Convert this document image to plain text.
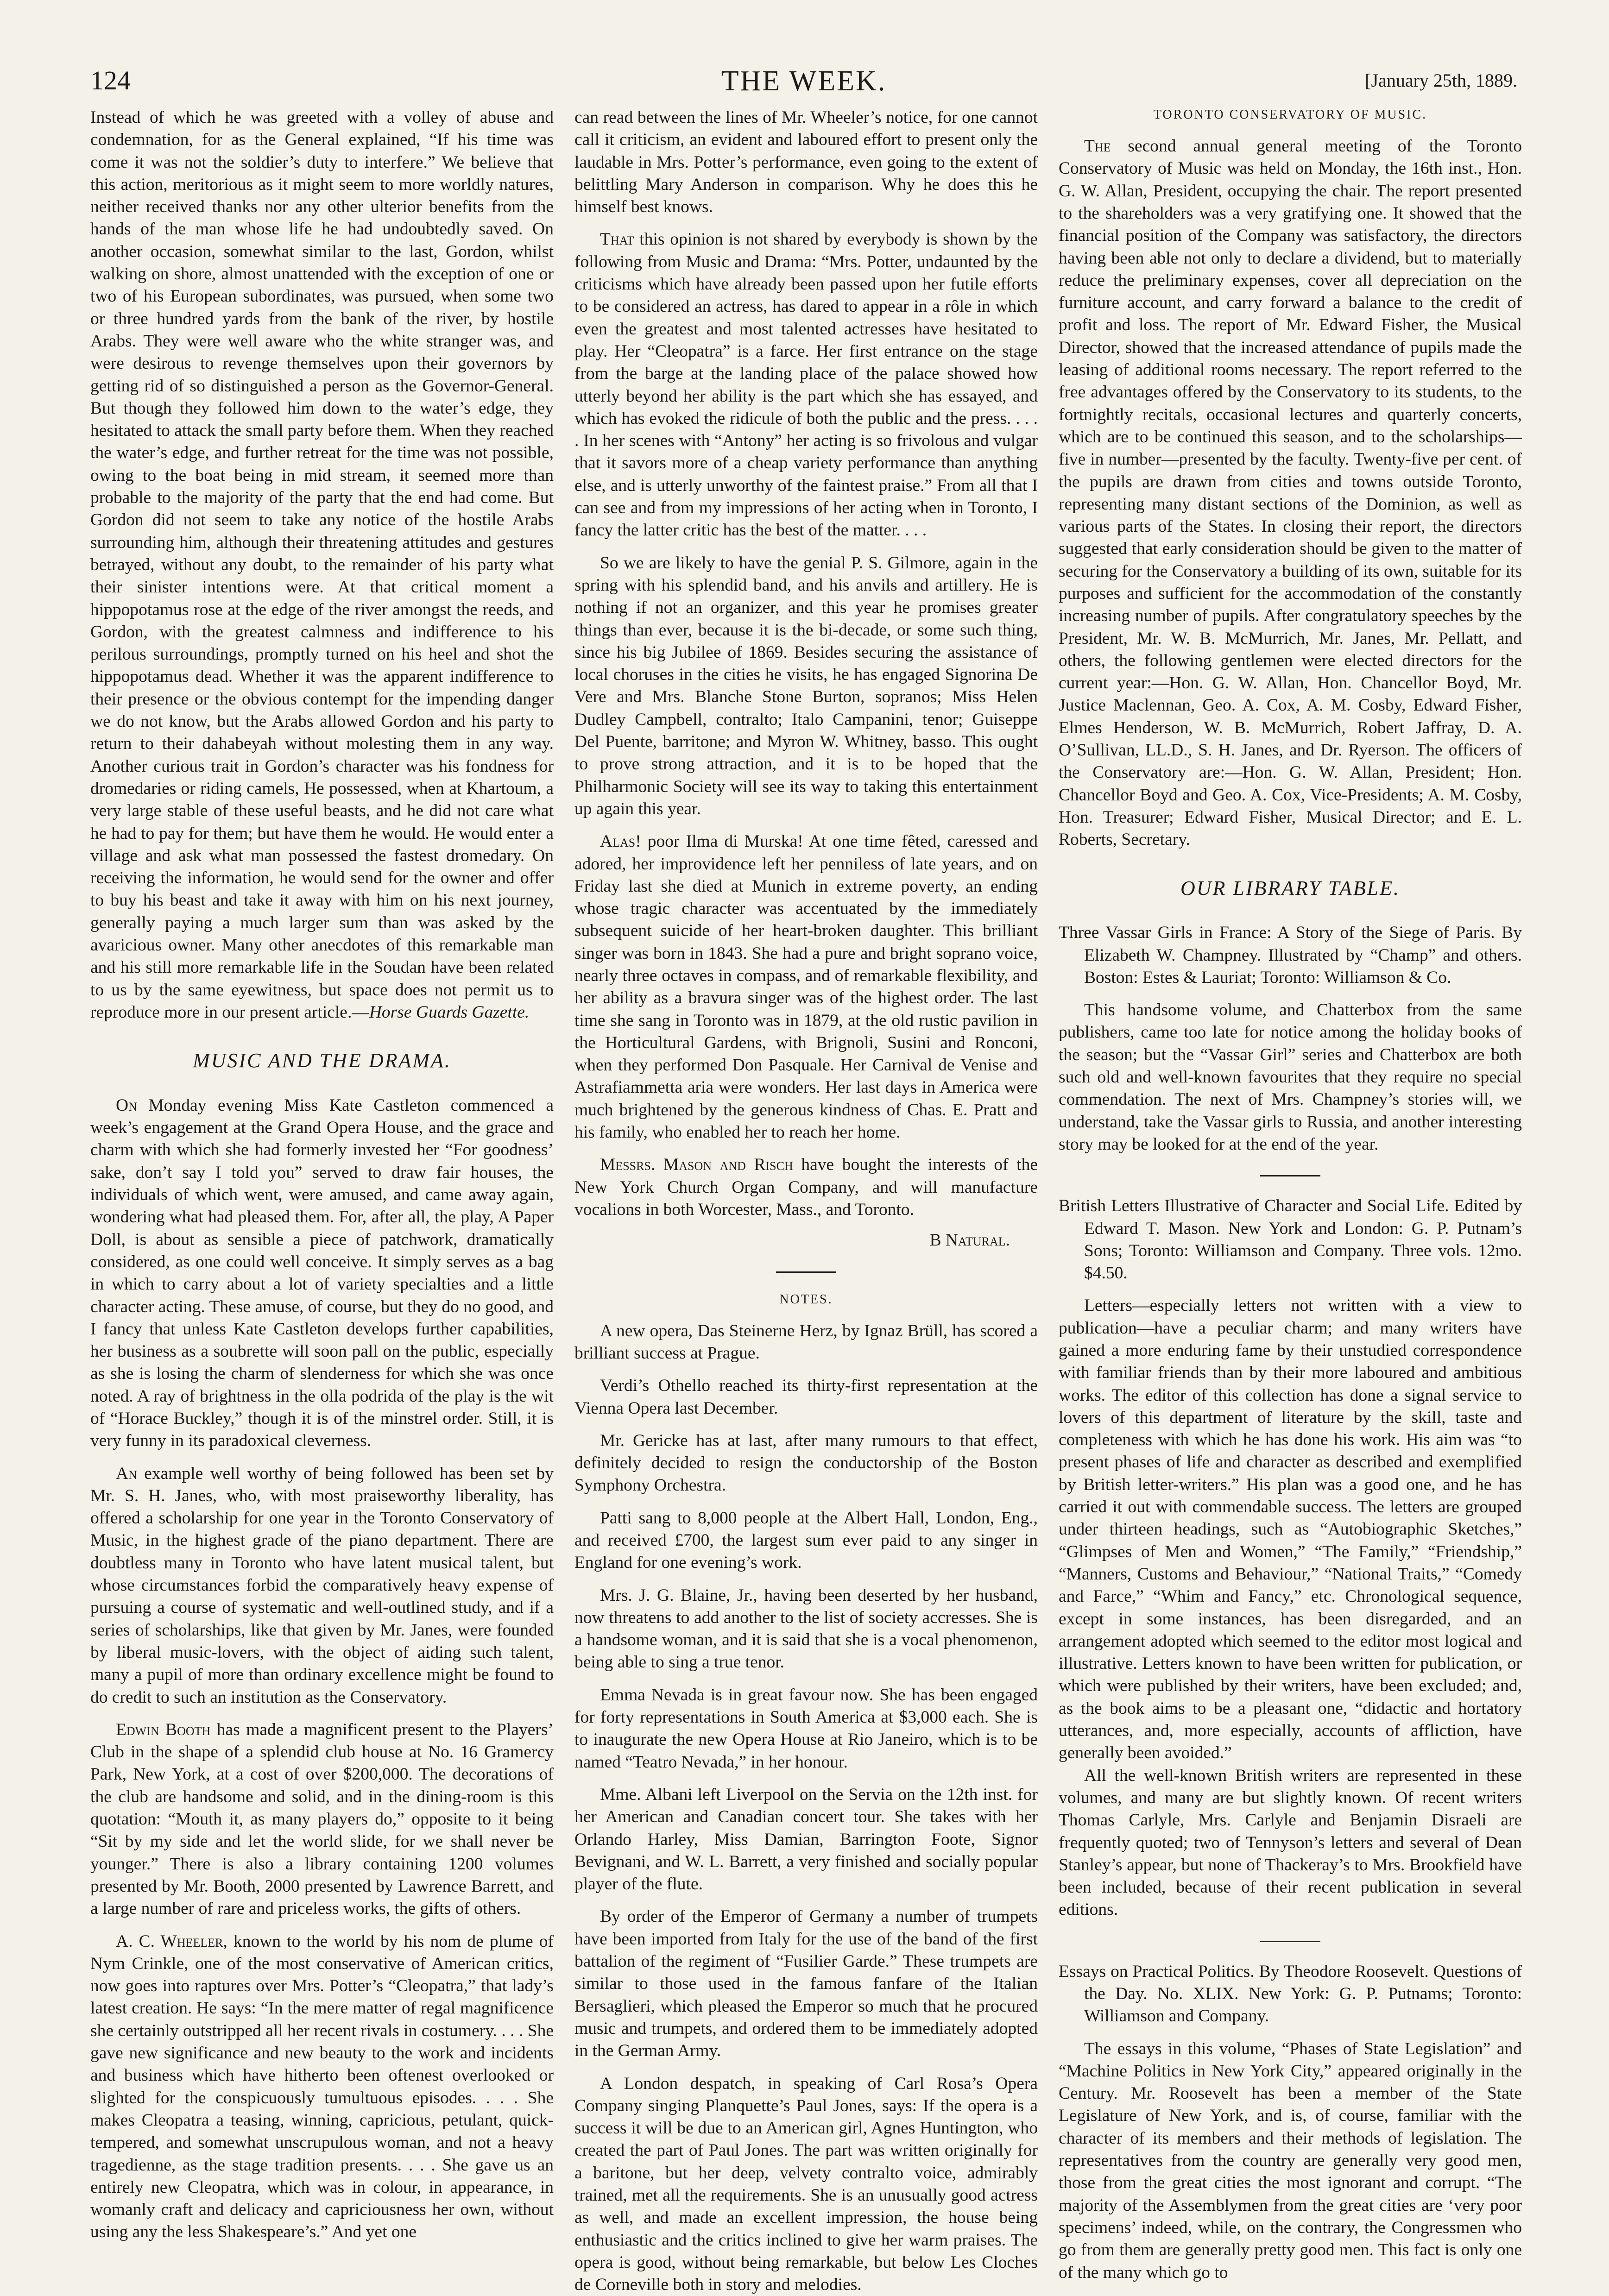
124	THE WEEK.	[January 25th, 1889.

Instead of which he was greeted with a volley of abuse and condemnation, for as the General explained, “If his time was come it was not the soldier’s duty to interfere.” We believe that this action, meritorious as it might seem to more worldly natures, neither received thanks nor any other ulterior benefits from the hands of the man whose life he had undoubtedly saved. On another occasion, somewhat similar to the last, Gordon, whilst walking on shore, almost unattended with the exception of one or two of his European subordinates, was pursued, when some two or three hundred yards from the bank of the river, by hostile Arabs. They were well aware who the white stranger was, and were desirous to revenge themselves upon their governors by getting rid of so distinguished a person as the Governor-General. But though they followed him down to the water’s edge, they hesitated to attack the small party before them. When they reached the water’s edge, and further retreat for the time was not possible, owing to the boat being in mid stream, it seemed more than probable to the majority of the party that the end had come. But Gordon did not seem to take any notice of the hostile Arabs surrounding him, although their threatening attitudes and gestures betrayed, without any doubt, to the remainder of his party what their sinister intentions were. At that critical moment a hippopotamus rose at the edge of the river amongst the reeds, and Gordon, with the greatest calmness and indifference to his perilous surroundings, promptly turned on his heel and shot the hippopotamus dead. Whether it was the apparent indifference to their presence or the obvious contempt for the impending danger we do not know, but the Arabs allowed Gordon and his party to return to their dahabeyah without molesting them in any way. Another curious trait in Gordon’s character was his fondness for dromedaries or riding camels, He possessed, when at Khartoum, a very large stable of these useful beasts, and he did not care what he had to pay for them; but have them he would. He would enter a village and ask what man possessed the fastest dromedary. On receiving the information, he would send for the owner and offer to buy his beast and take it away with him on his next journey, generally paying a much larger sum than was asked by the avaricious owner. Many other anecdotes of this remarkable man and his still more remarkable life in the Soudan have been related to us by the same eyewitness, but space does not permit us to reproduce more in our present article.—Horse Guards Gazette.

MUSIC AND THE DRAMA.

On Monday evening Miss Kate Castleton commenced a week’s engagement at the Grand Opera House, and the grace and charm with which she had formerly invested her “For goodness’ sake, don’t say I told you” served to draw fair houses, the individuals of which went, were amused, and came away again, wondering what had pleased them. For, after all, the play, A Paper Doll, is about as sensible a piece of patchwork, dramatically considered, as one could well conceive. It simply serves as a bag in which to carry about a lot of variety specialties and a little character acting. These amuse, of course, but they do no good, and I fancy that unless Kate Castleton develops further capabilities, her business as a soubrette will soon pall on the public, especially as she is losing the charm of slenderness for which she was once noted. A ray of brightness in the olla podrida of the play is the wit of “Horace Buckley,” though it is of the minstrel order. Still, it is very funny in its paradoxical cleverness.

An example well worthy of being followed has been set by Mr. S. H. Janes, who, with most praiseworthy liberality, has offered a scholarship for one year in the Toronto Conservatory of Music, in the highest grade of the piano department. There are doubtless many in Toronto who have latent musical talent, but whose circumstances forbid the comparatively heavy expense of pursuing a course of systematic and well-outlined study, and if a series of scholarships, like that given by Mr. Janes, were founded by liberal music-lovers, with the object of aiding such talent, many a pupil of more than ordinary excellence might be found to do credit to such an institution as the Conservatory.

Edwin Booth has made a magnificent present to the Players’ Club in the shape of a splendid club house at No. 16 Gramercy Park, New York, at a cost of over $200,000. The decorations of the club are handsome and solid, and in the dining-room is this quotation: “Mouth it, as many players do,” opposite to it being “Sit by my side and let the world slide, for we shall never be younger.” There is also a library containing 1200 volumes presented by Mr. Booth, 2000 presented by Lawrence Barrett, and a large number of rare and priceless works, the gifts of others.

A. C. Wheeler, known to the world by his nom de plume of Nym Crinkle, one of the most conservative of American critics, now goes into raptures over Mrs. Potter’s “Cleopatra,” that lady’s latest creation. He says: “In the mere matter of regal magnificence she certainly outstripped all her recent rivals in costumery. . . . She gave new significance and new beauty to the work and incidents and business which have hitherto been oftenest overlooked or slighted for the conspicuously tumultuous episodes. . . . She makes Cleopatra a teasing, winning, capricious, petulant, quick-tempered, and somewhat unscrupulous woman, and not a heavy tragedienne, as the stage tradition presents. . . . She gave us an entirely new Cleopatra, which was in colour, in appearance, in womanly craft and delicacy and capriciousness her own, without using any the less Shakespeare’s.” And yet one

can read between the lines of Mr. Wheeler’s notice, for one cannot call it criticism, an evident and laboured effort to present only the laudable in Mrs. Potter’s performance, even going to the extent of belittling Mary Anderson in comparison. Why he does this he himself best knows.

That this opinion is not shared by everybody is shown by the following from Music and Drama: “Mrs. Potter, undaunted by the criticisms which have already been passed upon her futile efforts to be considered an actress, has dared to appear in a rôle in which even the greatest and most talented actresses have hesitated to play. Her “Cleopatra” is a farce. Her first entrance on the stage from the barge at the landing place of the palace showed how utterly beyond her ability is the part which she has essayed, and which has evoked the ridicule of both the public and the press. . . . . In her scenes with “Antony” her acting is so frivolous and vulgar that it savors more of a cheap variety performance than anything else, and is utterly unworthy of the faintest praise.” From all that I can see and from my impressions of her acting when in Toronto, I fancy the latter critic has the best of the matter. . . .

So we are likely to have the genial P. S. Gilmore, again in the spring with his splendid band, and his anvils and artillery. He is nothing if not an organizer, and this year he promises greater things than ever, because it is the bi-decade, or some such thing, since his big Jubilee of 1869. Besides securing the assistance of local choruses in the cities he visits, he has engaged Signorina De Vere and Mrs. Blanche Stone Burton, sopranos; Miss Helen Dudley Campbell, contralto; Italo Campanini, tenor; Guiseppe Del Puente, barritone; and Myron W. Whitney, basso. This ought to prove strong attraction, and it is to be hoped that the Philharmonic Society will see its way to taking this entertainment up again this year.

Alas! poor Ilma di Murska! At one time fêted, caressed and adored, her improvidence left her penniless of late years, and on Friday last she died at Munich in extreme poverty, an ending whose tragic character was accentuated by the immediately subsequent suicide of her heart-broken daughter. This brilliant singer was born in 1843. She had a pure and bright soprano voice, nearly three octaves in compass, and of remarkable flexibility, and her ability as a bravura singer was of the highest order. The last time she sang in Toronto was in 1879, at the old rustic pavilion in the Horticultural Gardens, with Brignoli, Susini and Ronconi, when they performed Don Pasquale. Her Carnival de Venise and Astrafiammetta aria were wonders. Her last days in America were much brightened by the generous kindness of Chas. E. Pratt and his family, who enabled her to reach her home.

Messrs. Mason and Risch have bought the interests of the New York Church Organ Company, and will manufacture vocalions in both Worcester, Mass., and Toronto.

B Natural.

NOTES.

A new opera, Das Steinerne Herz, by Ignaz Brüll, has scored a brilliant success at Prague.

Verdi’s Othello reached its thirty-first representation at the Vienna Opera last December.

Mr. Gericke has at last, after many rumours to that effect, definitely decided to resign the conductorship of the Boston Symphony Orchestra.

Patti sang to 8,000 people at the Albert Hall, London, Eng., and received £700, the largest sum ever paid to any singer in England for one evening’s work.

Mrs. J. G. Blaine, Jr., having been deserted by her husband, now threatens to add another to the list of society accresses. She is a handsome woman, and it is said that she is a vocal phenomenon, being able to sing a true tenor.

Emma Nevada is in great favour now. She has been engaged for forty representations in South America at $3,000 each. She is to inaugurate the new Opera House at Rio Janeiro, which is to be named “Teatro Nevada,” in her honour.

Mme. Albani left Liverpool on the Servia on the 12th inst. for her American and Canadian concert tour. She takes with her Orlando Harley, Miss Damian, Barrington Foote, Signor Bevignani, and W. L. Barrett, a very finished and socially popular player of the flute.

By order of the Emperor of Germany a number of trumpets have been imported from Italy for the use of the band of the first battalion of the regiment of “Fusilier Garde.” These trumpets are similar to those used in the famous fanfare of the Italian Bersaglieri, which pleased the Emperor so much that he procured music and trumpets, and ordered them to be immediately adopted in the German Army.

A London despatch, in speaking of Carl Rosa’s Opera Company singing Planquette’s Paul Jones, says: If the opera is a success it will be due to an American girl, Agnes Huntington, who created the part of Paul Jones. The part was written originally for a baritone, but her deep, velvety contralto voice, admirably trained, met all the requirements. She is an unusually good actress as well, and made an excellent impression, the house being enthusiastic and the critics inclined to give her warm praises. The opera is good, without being remarkable, but below Les Cloches de Corneville both in story and melodies.

TORONTO CONSERVATORY OF MUSIC.

The second annual general meeting of the Toronto Conservatory of Music was held on Monday, the 16th inst., Hon. G. W. Allan, President, occupying the chair. The report presented to the shareholders was a very gratifying one. It showed that the financial position of the Company was satisfactory, the directors having been able not only to declare a dividend, but to materially reduce the preliminary expenses, cover all depreciation on the furniture account, and carry forward a balance to the credit of profit and loss. The report of Mr. Edward Fisher, the Musical Director, showed that the increased attendance of pupils made the leasing of additional rooms necessary. The report referred to the free advantages offered by the Conservatory to its students, to the fortnightly recitals, occasional lectures and quarterly concerts, which are to be continued this season, and to the scholarships—five in number—presented by the faculty. Twenty-five per cent. of the pupils are drawn from cities and towns outside Toronto, representing many distant sections of the Dominion, as well as various parts of the States. In closing their report, the directors suggested that early consideration should be given to the matter of securing for the Conservatory a building of its own, suitable for its purposes and sufficient for the accommodation of the constantly increasing number of pupils. After congratulatory speeches by the President, Mr. W. B. McMurrich, Mr. Janes, Mr. Pellatt, and others, the following gentlemen were elected directors for the current year:—Hon. G. W. Allan, Hon. Chancellor Boyd, Mr. Justice Maclennan, Geo. A. Cox, A. M. Cosby, Edward Fisher, Elmes Henderson, W. B. McMurrich, Robert Jaffray, D. A. O’Sullivan, LL.D., S. H. Janes, and Dr. Ryerson. The officers of the Conservatory are:—Hon. G. W. Allan, President; Hon. Chancellor Boyd and Geo. A. Cox, Vice-Presidents; A. M. Cosby, Hon. Treasurer; Edward Fisher, Musical Director; and E. L. Roberts, Secretary.

OUR LIBRARY TABLE.

Three Vassar Girls in France: A Story of the Siege of Paris. By Elizabeth W. Champney. Illustrated by “Champ” and others. Boston: Estes & Lauriat; Toronto: Williamson & Co.

This handsome volume, and Chatterbox from the same publishers, came too late for notice among the holiday books of the season; but the “Vassar Girl” series and Chatterbox are both such old and well-known favourites that they require no special commendation. The next of Mrs. Champney’s stories will, we understand, take the Vassar girls to Russia, and another interesting story may be looked for at the end of the year.

British Letters Illustrative of Character and Social Life. Edited by Edward T. Mason. New York and London: G. P. Putnam’s Sons; Toronto: Williamson and Company. Three vols. 12mo. $4.50.

Letters—especially letters not written with a view to publication—have a peculiar charm; and many writers have gained a more enduring fame by their unstudied correspondence with familiar friends than by their more laboured and ambitious works. The editor of this collection has done a signal service to lovers of this department of literature by the skill, taste and completeness with which he has done his work. His aim was “to present phases of life and character as described and exemplified by British letter-writers.” His plan was a good one, and he has carried it out with commendable success. The letters are grouped under thirteen headings, such as “Autobiographic Sketches,” “Glimpses of Men and Women,” “The Family,” “Friendship,” “Manners, Customs and Behaviour,” “National Traits,” “Comedy and Farce,” “Whim and Fancy,” etc. Chronological sequence, except in some instances, has been disregarded, and an arrangement adopted which seemed to the editor most logical and illustrative. Letters known to have been written for publication, or which were published by their writers, have been excluded; and, as the book aims to be a pleasant one, “didactic and hortatory utterances, and, more especially, accounts of affliction, have generally been avoided.”

All the well-known British writers are represented in these volumes, and many are but slightly known. Of recent writers Thomas Carlyle, Mrs. Carlyle and Benjamin Disraeli are frequently quoted; two of Tennyson’s letters and several of Dean Stanley’s appear, but none of Thackeray’s to Mrs. Brookfield have been included, because of their recent publication in several editions.

Essays on Practical Politics. By Theodore Roosevelt. Questions of the Day. No. XLIX. New York: G. P. Putnams; Toronto: Williamson and Company.

The essays in this volume, “Phases of State Legislation” and “Machine Politics in New York City,” appeared originally in the Century. Mr. Roosevelt has been a member of the State Legislature of New York, and is, of course, familiar with the character of its members and their methods of legislation. The representatives from the country are generally very good men, those from the great cities the most ignorant and corrupt. “The majority of the Assemblymen from the great cities are ‘very poor specimens’ indeed, while, on the contrary, the Congressmen who go from them are generally pretty good men. This fact is only one of the many which go to
